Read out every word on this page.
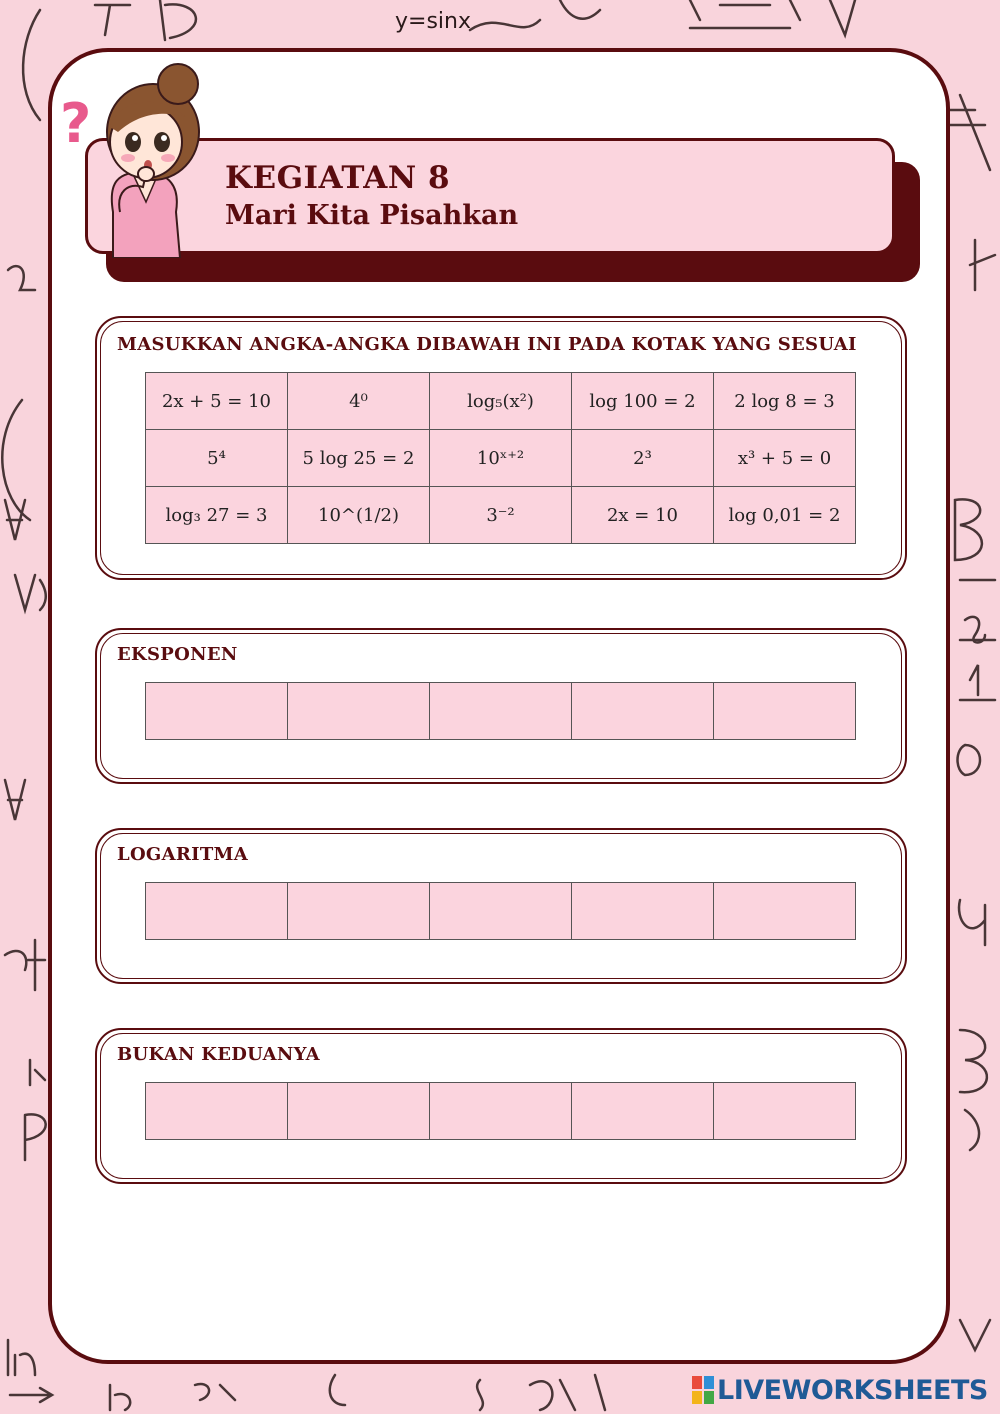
y=sinx
KEGIATAN 8
Mari Kita Pisahkan
?
MASUKKAN ANGKA-ANGKA DIBAWAH INI PADA KOTAK YANG SESUAI
2x + 5 = 10	4⁰	log₅(x²)	log 100 = 2	2 log 8 = 3
5⁴	5 log 25 = 2	10ˣ⁺²	2³	x³ + 5 = 0
log₃ 27 = 3	10^(1/2)	3⁻²	2x = 10	log 0,01 = 2
EKSPONEN

LOGARITMA

BUKAN KEDUANYA

LIVEWORKSHEETS
